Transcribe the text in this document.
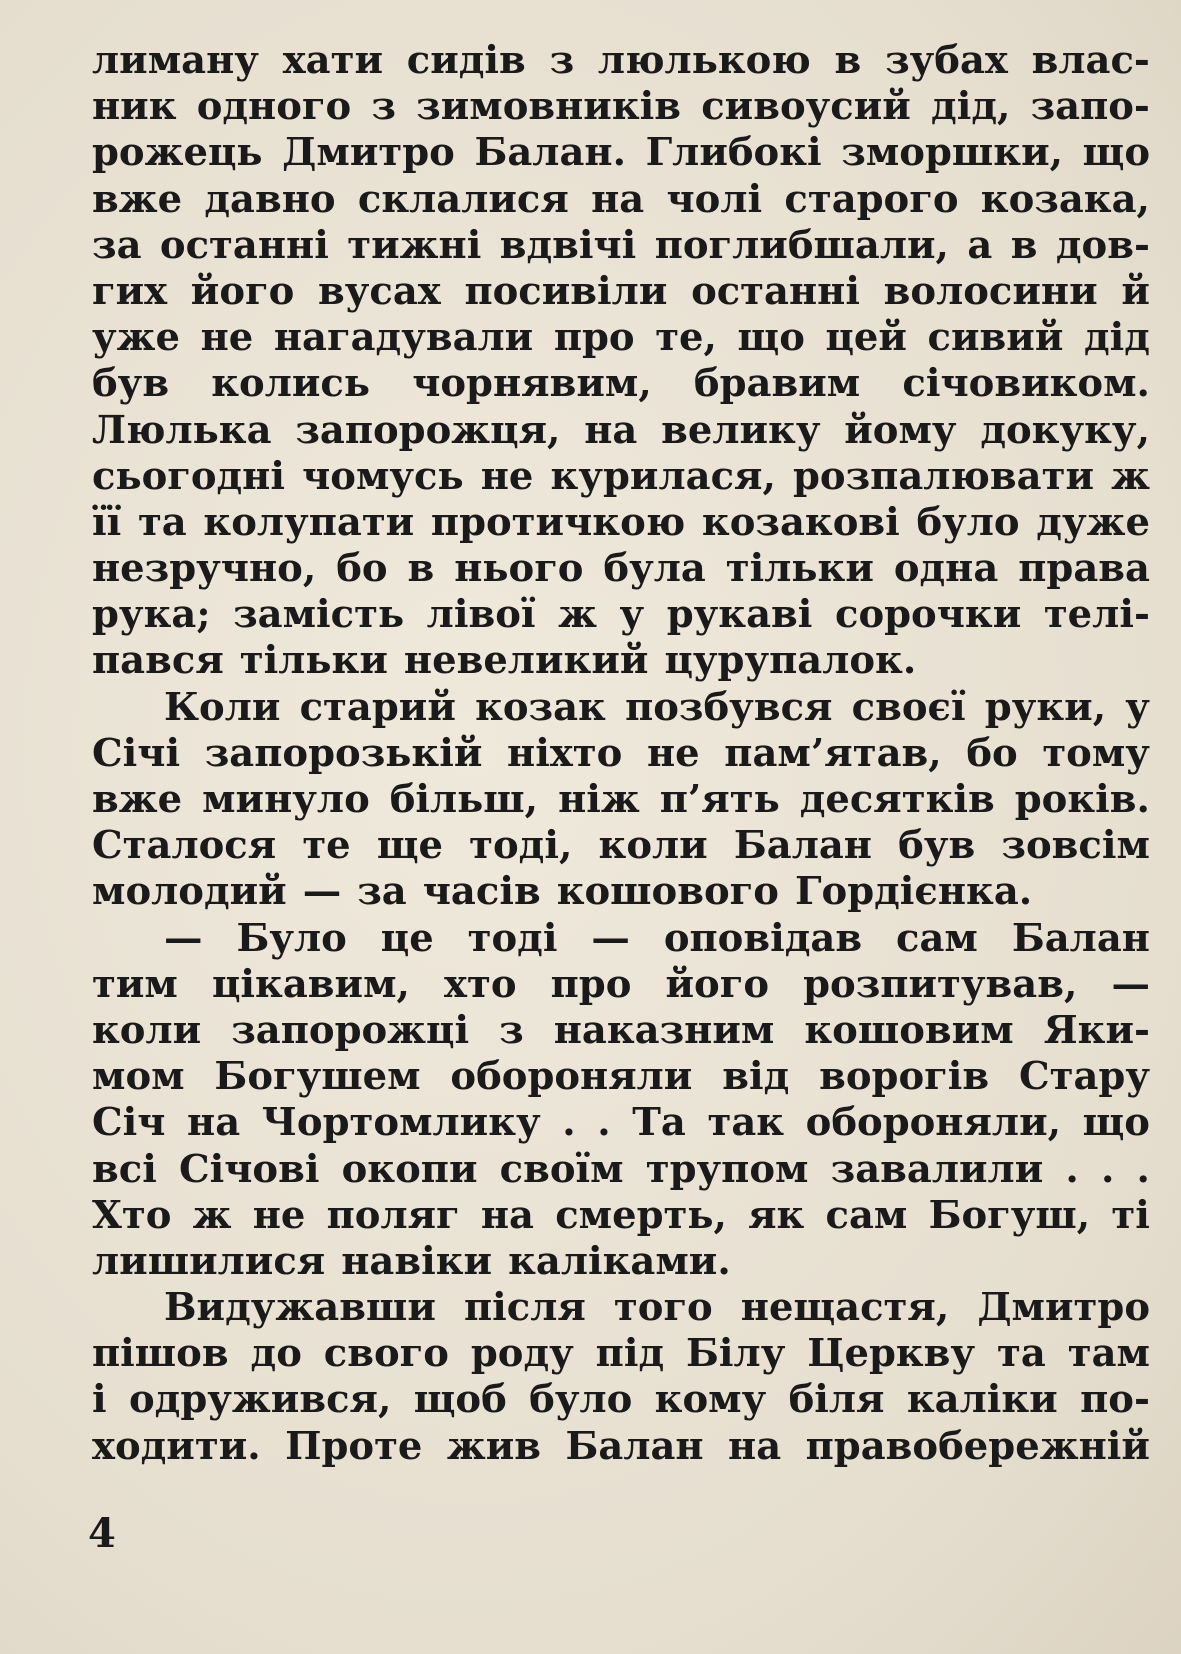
лиману хати сидів з люлькою в зубах влас-
ник одного з зимовників сивоусий дід, запо-
рожець Дмитро Балан. Глибокі зморшки, що
вже давно склалися на чолі старого козака,
за останні тижні вдвічі поглибшали, а в дов-
гих його вусах посивіли останні волосини й
уже не нагадували про те, що цей сивий дід
був колись чорнявим, бравим січовиком.
Люлька запорожця, на велику йому докуку,
сьогодні чомусь не курилася, розпалювати ж
її та колупати протичкою козакові було дуже
незручно, бо в нього була тільки одна права
рука; замість лівої ж у рукаві сорочки телі-
пався тільки невеликий цурупалок.
Коли старий козак позбувся своєї руки, у
Січі запорозькій ніхто не пам’ятав, бо тому
вже минуло більш, ніж п’ять десятків років.
Сталося те ще тоді, коли Балан був зовсім
молодий — за часів кошового Гордієнка.
— Було це тоді — оповідав сам Балан
тим цікавим, хто про його розпитував, —
коли запорожці з наказним кошовим Яки-
мом Богушем обороняли від ворогів Стару
Січ на Чортомлику . . Та так обороняли, що
всі Січові окопи своїм трупом завалили . . .
Хто ж не поляг на смерть, як сам Богуш, ті
лишилися навіки каліками.
Видужавши після того нещастя, Дмитро
пішов до свого роду під Білу Церкву та там
і одружився, щоб було кому біля каліки по-
ходити. Проте жив Балан на правобережній
4
